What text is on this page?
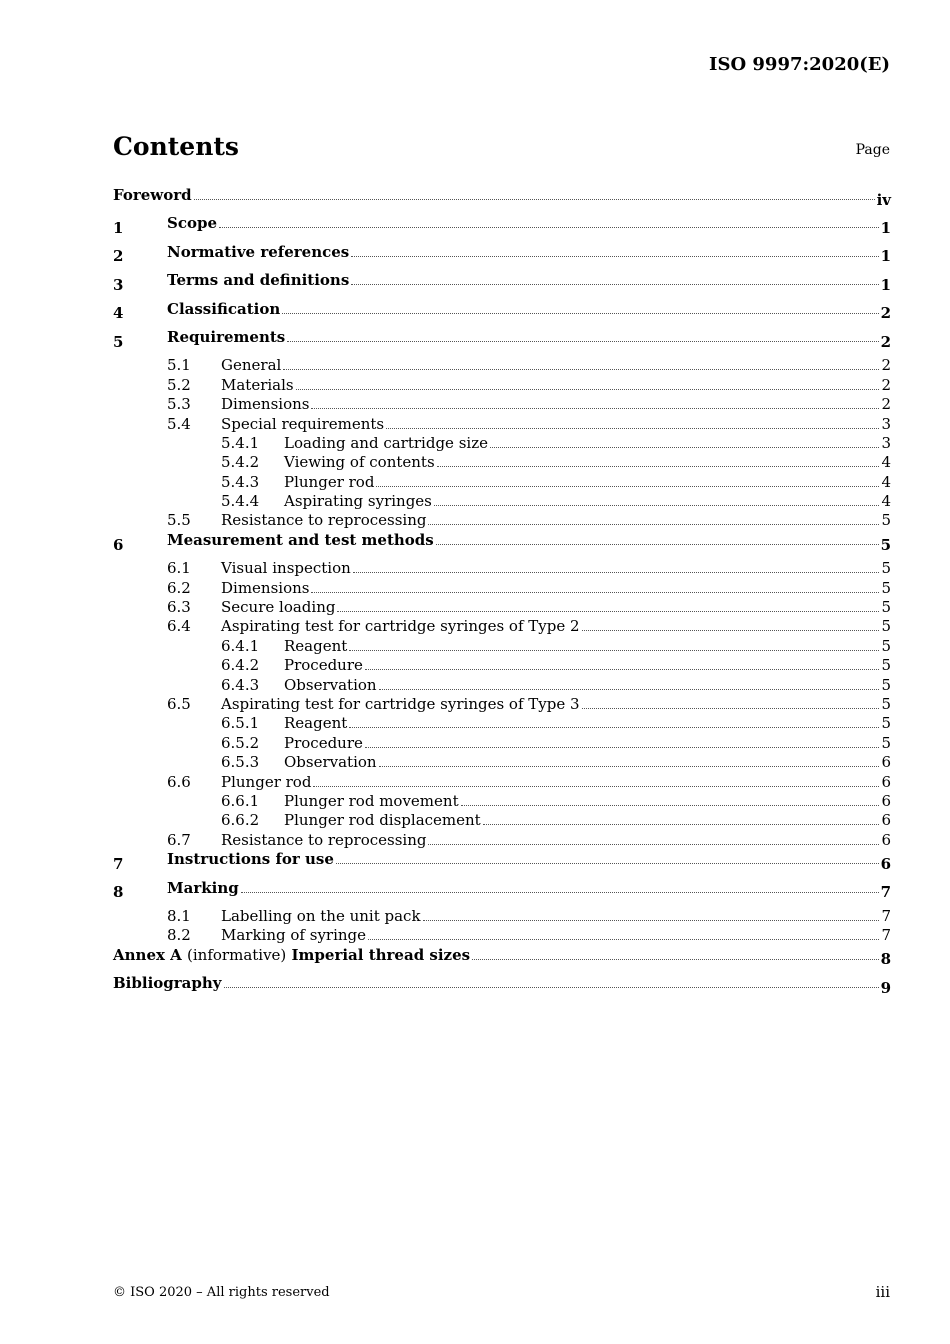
ISO 9997:2020(E)
Contents	Page
Foreword	iv
1	Scope	1
2	Normative references	1
3	Terms and definitions	1
4	Classification	2
5	Requirements	2
5.1	General	2
5.2	Materials	2
5.3	Dimensions	2
5.4	Special requirements	3
5.4.1	Loading and cartridge size	3
5.4.2	Viewing of contents	4
5.4.3	Plunger rod	4
5.4.4	Aspirating syringes	4
5.5	Resistance to reprocessing	5
6	Measurement and test methods	5
6.1	Visual inspection	5
6.2	Dimensions	5
6.3	Secure loading	5
6.4	Aspirating test for cartridge syringes of Type 2	5
6.4.1	Reagent	5
6.4.2	Procedure	5
6.4.3	Observation	5
6.5	Aspirating test for cartridge syringes of Type 3	5
6.5.1	Reagent	5
6.5.2	Procedure	5
6.5.3	Observation	6
6.6	Plunger rod	6
6.6.1	Plunger rod movement	6
6.6.2	Plunger rod displacement	6
6.7	Resistance to reprocessing	6
7	Instructions for use	6
8	Marking	7
8.1	Labelling on the unit pack	7
8.2	Marking of syringe	7
Annex A (informative) Imperial thread sizes	8
Bibliography	9
© ISO 2020 – All rights reserved	iii
